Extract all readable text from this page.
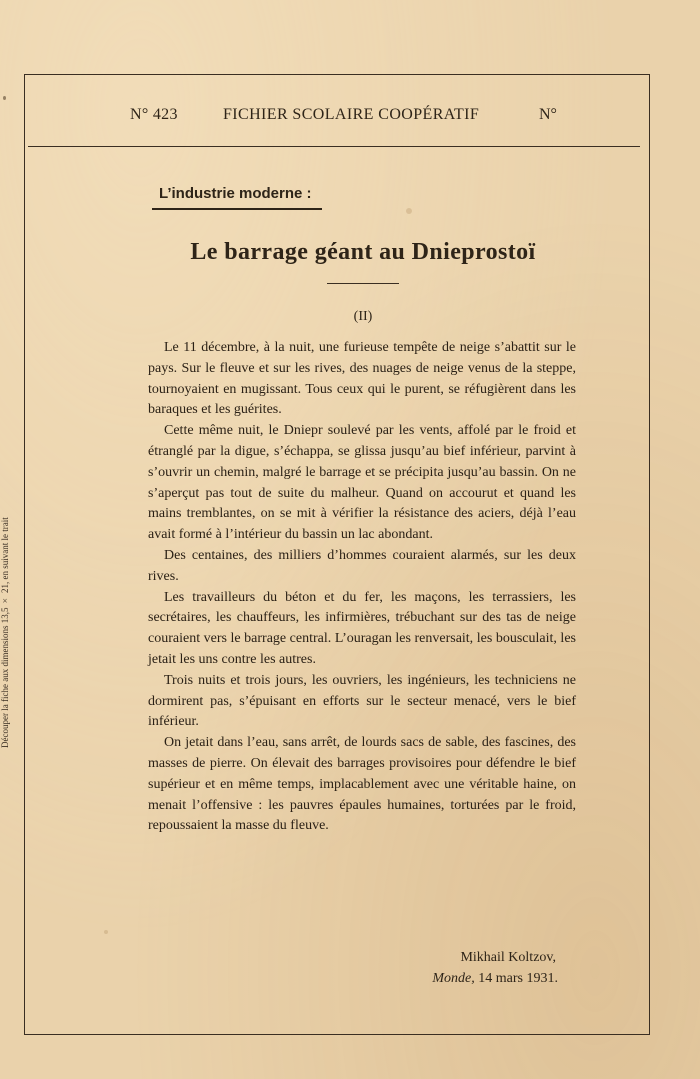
Découper la fiche aux dimensions 13,5 × 21, en suivant le trait
N° 423	FICHIER SCOLAIRE COOPÉRATIF	N°
L’industrie moderne :
Le barrage géant au Dnieprostoï
(II)

Le 11 décembre, à la nuit, une furieuse tempête de neige s’abattit sur le pays. Sur le fleuve et sur les rives, des nuages de neige venus de la steppe, tournoyaient en mugissant. Tous ceux qui le purent, se réfugièrent dans les baraques et les guérites.

Cette même nuit, le Dniepr soulevé par les vents, affolé par le froid et étranglé par la digue, s’échappa, se glissa jusqu’au bief inférieur, parvint à s’ouvrir un chemin, malgré le barrage et se précipita jusqu’au bassin. On ne s’aperçut pas tout de suite du malheur. Quand on accourut et quand les mains tremblantes, on se mit à vérifier la résistance des aciers, déjà l’eau avait formé à l’intérieur du bassin un lac abondant.

Des centaines, des milliers d’hommes couraient alarmés, sur les deux rives.

Les travailleurs du béton et du fer, les maçons, les terrassiers, les secrétaires, les chauffeurs, les infirmières, trébuchant sur des tas de neige couraient vers le barrage central. L’ouragan les renversait, les bousculait, les jetait les uns contre les autres.

Trois nuits et trois jours, les ouvriers, les ingénieurs, les techniciens ne dormirent pas, s’épuisant en efforts sur le secteur menacé, vers le bief inférieur.

On jetait dans l’eau, sans arrêt, de lourds sacs de sable, des fascines, des masses de pierre. On élevait des barrages provisoires pour défendre le bief supérieur et en même temps, implacablement avec une véritable haine, on menait l’offensive : les pauvres épaules humaines, torturées par le froid, repoussaient la masse du fleuve.

Mikhail Koltzov,
Monde, 14 mars 1931.
